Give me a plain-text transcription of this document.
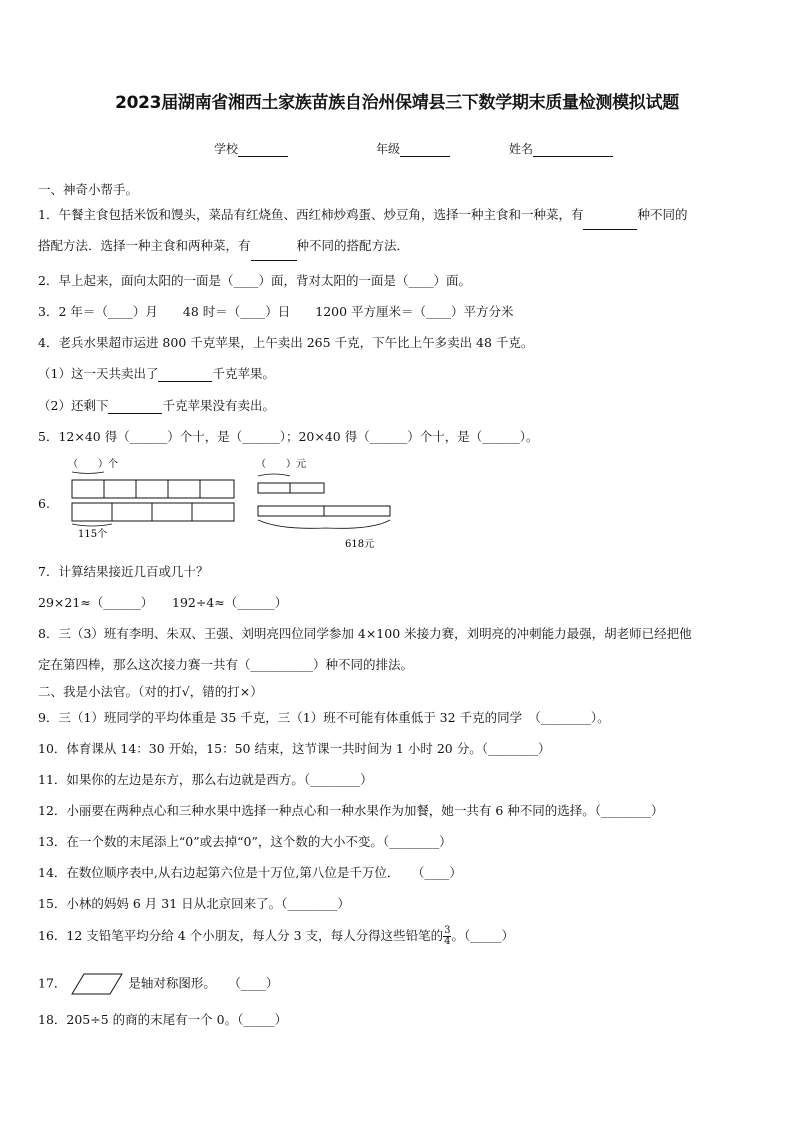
2023届湖南省湘西土家族苗族自治州保靖县三下数学期末质量检测模拟试题
学校	年级	姓名
一、神奇小帮手。
1．午餐主食包括米饭和馒头，菜品有红烧鱼、西红柿炒鸡蛋、炒豆角，选择一种主食和一种菜，有	种不同的
搭配方法．选择一种主食和两种菜，有	种不同的搭配方法．
2．早上起来，面向太阳的一面是（____）面，背对太阳的一面是（____）面。
3．2 年＝（____）月　　48 时＝（____）日　　1200 平方厘米＝（____）平方分米
4．老兵水果超市运进 800 千克苹果，上午卖出 265 千克，下午比上午多卖出 48 千克。
（1）这一天共卖出了	千克苹果。
（2）还剩下	千克苹果没有卖出。
5．12×40 得（______）个十，是（______）；20×40 得（______）个十，是（______）。
6.
（　　）个
115个
（　　）元
618元
7．计算结果接近几百或几十？
29×21≈（______）　　192÷4≈（______）
8．三（3）班有李明、朱双、王强、刘明亮四位同学参加 4×100 米接力赛，刘明亮的冲刺能力最强，胡老师已经把他
定在第四棒，那么这次接力赛一共有（__________）种不同的排法。
二、我是小法官。（对的打√，错的打×）
9．三（1）班同学的平均体重是 35 千克，三（1）班不可能有体重低于 32 千克的同学　（________）。
10．体育课从 14：30 开始，15：50 结束，这节课一共时间为 1 小时 20 分。（________）
11．如果你的左边是东方，那么右边就是西方。（________）
12．小丽要在两种点心和三种水果中选择一种点心和一种水果作为加餐，她一共有 6 种不同的选择。（________）
13．在一个数的末尾添上“0”或去掉“0”，这个数的大小不变。（________）
14．在数位顺序表中,从右边起第六位是十万位,第八位是千万位．　　（____）
15．小林的妈妈 6 月 31 日从北京回来了。（________）
16．12 支铅笔平均分给 4 个小朋友，每人分 3 支，每人分得这些铅笔的 $\frac{3}{4}$ 。（_____）
17．	是轴对称图形。　　（____）
18．205÷5 的商的末尾有一个 0。（_____）
